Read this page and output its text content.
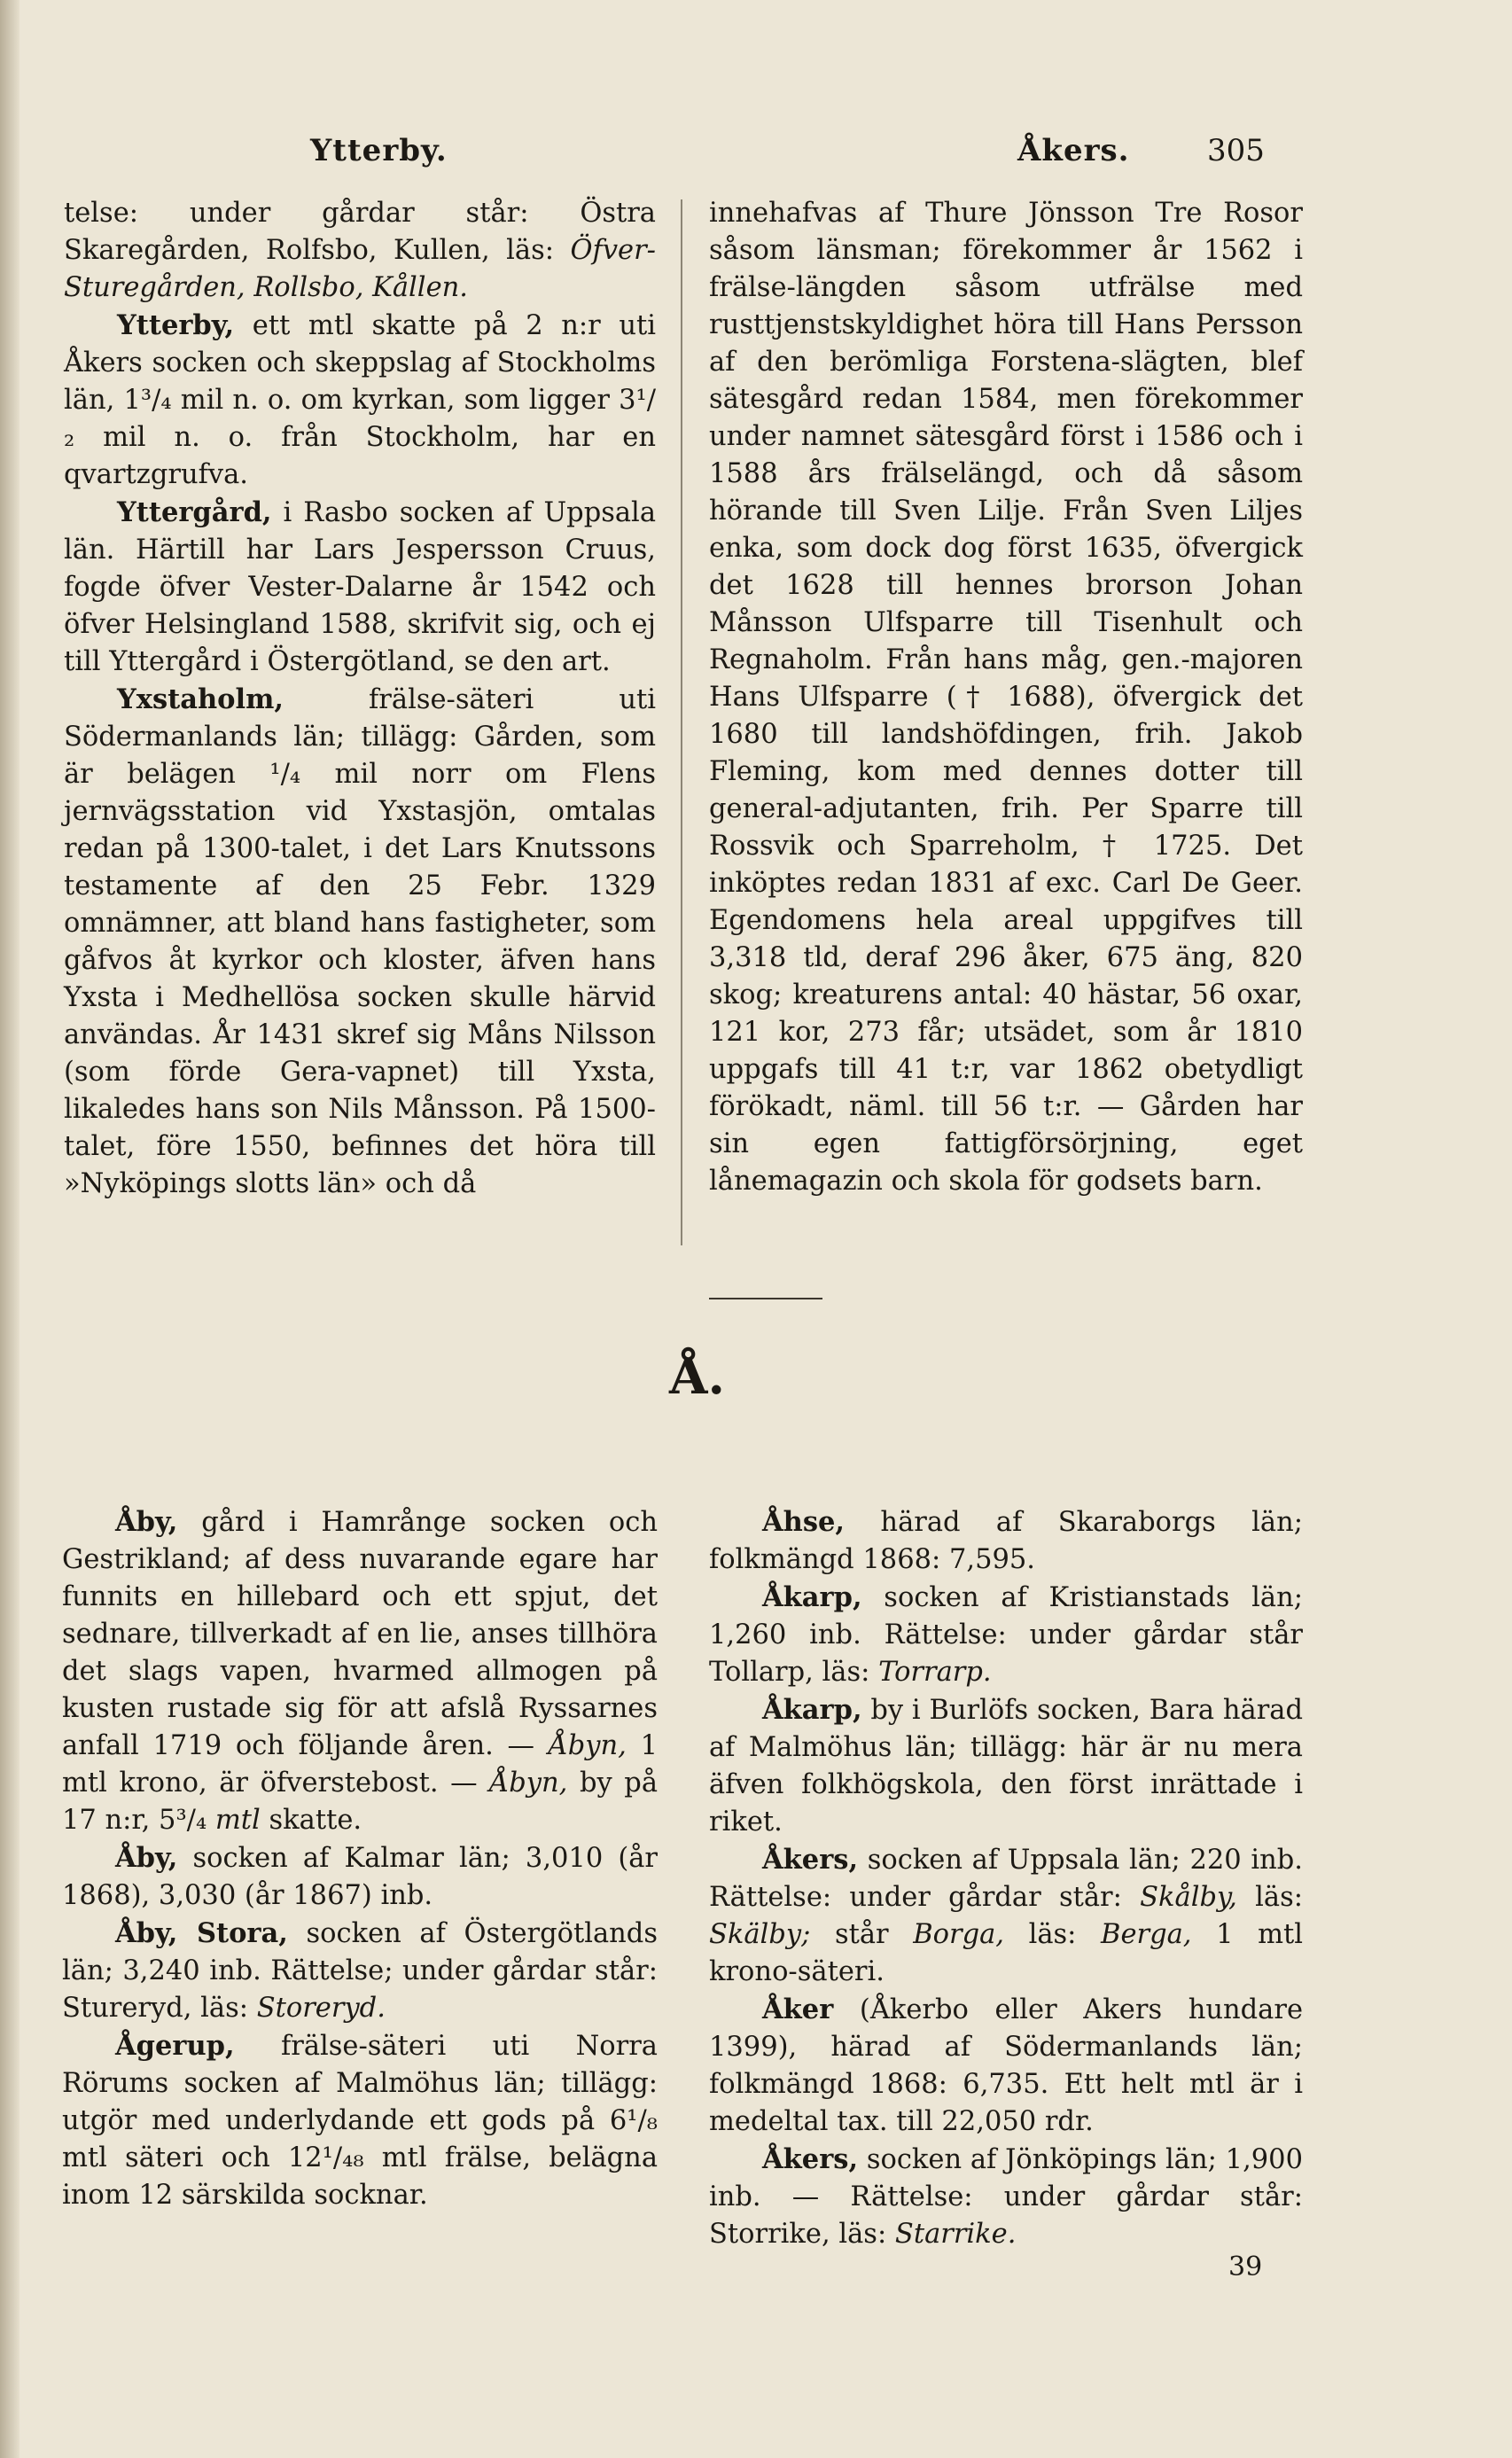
Ytterby.	Åkers.	305

telse: under gårdar står: Östra Skaregården, Rolfsbo, Kullen, läs: Öfver-Sturegården, Rollsbo, Kållen.

Ytterby, ett mtl skatte på 2 n:r uti Åkers socken och skeppslag af Stockholms län, 1³/₄ mil n. o. om kyrkan, som ligger 3¹/₂ mil n. o. från Stockholm, har en qvartzgrufva.

Yttergård, i Rasbo socken af Uppsala län. Härtill har Lars Jespersson Cruus, fogde öfver Vester-Dalarne år 1542 och öfver Helsingland 1588, skrifvit sig, och ej till Yttergård i Östergötland, se den art.

Yxstaholm, frälse-säteri uti Södermanlands län; tillägg: Gården, som är belägen ¹/₄ mil norr om Flens jernvägsstation vid Yxstasjön, omtalas redan på 1300-talet, i det Lars Knutssons testamente af den 25 Febr. 1329 omnämner, att bland hans fastigheter, som gåfvos åt kyrkor och kloster, äfven hans Yxsta i Medhellösa socken skulle härvid användas. År 1431 skref sig Måns Nilsson (som förde Gera-vapnet) till Yxsta, likaledes hans son Nils Månsson. På 1500-talet, före 1550, befinnes det höra till »Nyköpings slotts län» och då

innehafvas af Thure Jönsson Tre Rosor såsom länsman; förekommer år 1562 i frälse-längden såsom utfrälse med rusttjenstskyldighet höra till Hans Persson af den berömliga Forstena-slägten, blef sätesgård redan 1584, men förekommer under namnet sätesgård först i 1586 och i 1588 års frälselängd, och då såsom hörande till Sven Lilje. Från Sven Liljes enka, som dock dog först 1635, öfvergick det 1628 till hennes brorson Johan Månsson Ulfsparre till Tisenhult och Regnaholm. Från hans måg, gen.-majoren Hans Ulfsparre († 1688), öfvergick det 1680 till landshöfdingen, frih. Jakob Fleming, kom med dennes dotter till general-adjutanten, frih. Per Sparre till Rossvik och Sparreholm, † 1725. Det inköptes redan 1831 af exc. Carl De Geer. Egendomens hela areal uppgifves till 3,318 tld, deraf 296 åker, 675 äng, 820 skog; kreaturens antal: 40 hästar, 56 oxar, 121 kor, 273 får; utsädet, som år 1810 uppgafs till 41 t:r, var 1862 obetydligt förökadt, näml. till 56 t:r. — Gården har sin egen fattigförsörjning, eget lånemagazin och skola för godsets barn.

Å.

Åby, gård i Hamrånge socken och Gestrikland; af dess nuvarande egare har funnits en hillebard och ett spjut, det sednare, tillverkadt af en lie, anses tillhöra det slags vapen, hvarmed allmogen på kusten rustade sig för att afslå Ryssarnes anfall 1719 och följande åren. — Åbyn, 1 mtl krono, är öfverstebost. — Åbyn, by på 17 n:r, 5³/₄ mtl skatte.

Åby, socken af Kalmar län; 3,010 (år 1868), 3,030 (år 1867) inb.

Åby, Stora, socken af Östergötlands län; 3,240 inb. Rättelse; under gårdar står: Stureryd, läs: Storeryd.

Ågerup, frälse-säteri uti Norra Rörums socken af Malmöhus län; tillägg: utgör med underlydande ett gods på 6¹/₈ mtl säteri och 12¹/₄₈ mtl frälse, belägna inom 12 särskilda socknar.

Åhse, härad af Skaraborgs län; folkmängd 1868: 7,595.

Åkarp, socken af Kristianstads län; 1,260 inb. Rättelse: under gårdar står Tollarp, läs: Torrarp.

Åkarp, by i Burlöfs socken, Bara härad af Malmöhus län; tillägg: här är nu mera äfven folkhögskola, den först inrättade i riket.

Åkers, socken af Uppsala län; 220 inb. Rättelse: under gårdar står: Skålby, läs: Skälby; står Borga, läs: Berga, 1 mtl krono-säteri.

Åker (Åkerbo eller Akers hundare 1399), härad af Södermanlands län; folkmängd 1868: 6,735. Ett helt mtl är i medeltal tax. till 22,050 rdr.

Åkers, socken af Jönköpings län; 1,900 inb. — Rättelse: under gårdar står: Storrike, läs: Starrike.

39
